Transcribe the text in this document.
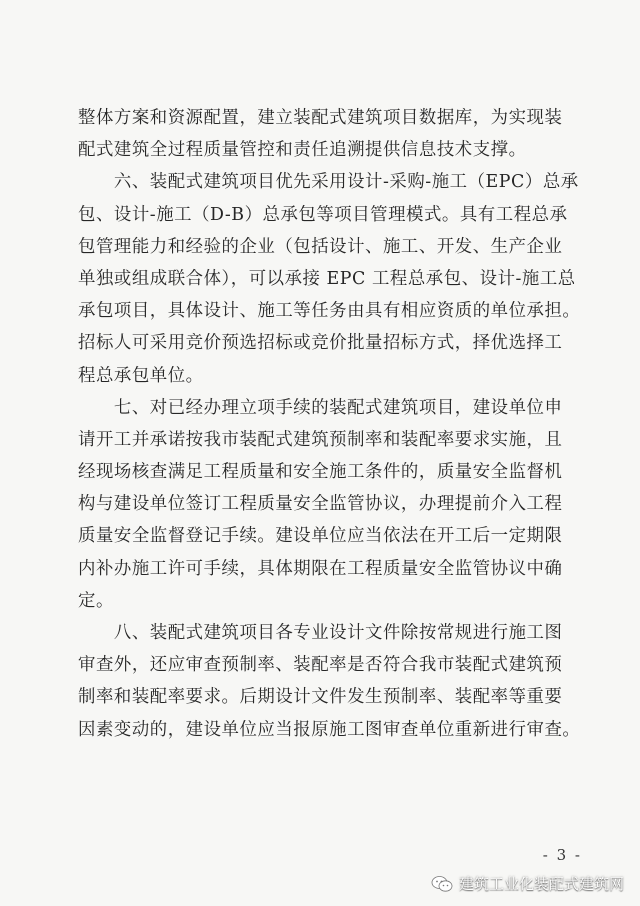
整体方案和资源配置，建立装配式建筑项目数据库，为实现装
配式建筑全过程质量管控和责任追溯提供信息技术支撑。
　　六、装配式建筑项目优先采用设计-采购-施工（EPC）总承
包、设计-施工（D-B）总承包等项目管理模式。具有工程总承
包管理能力和经验的企业（包括设计、施工、开发、生产企业
单独或组成联合体），可以承接 EPC 工程总承包、设计-施工总
承包项目，具体设计、施工等任务由具有相应资质的单位承担。
招标人可采用竞价预选招标或竞价批量招标方式，择优选择工
程总承包单位。
　　七、对已经办理立项手续的装配式建筑项目，建设单位申
请开工并承诺按我市装配式建筑预制率和装配率要求实施，且
经现场核查满足工程质量和安全施工条件的，质量安全监督机
构与建设单位签订工程质量安全监管协议，办理提前介入工程
质量安全监督登记手续。建设单位应当依法在开工后一定期限
内补办施工许可手续，具体期限在工程质量安全监管协议中确
定。
　　八、装配式建筑项目各专业设计文件除按常规进行施工图
审查外，还应审查预制率、装配率是否符合我市装配式建筑预
制率和装配率要求。后期设计文件发生预制率、装配率等重要
因素变动的，建设单位应当报原施工图审查单位重新进行审查。
- 3 -
建筑工业化装配式建筑网
